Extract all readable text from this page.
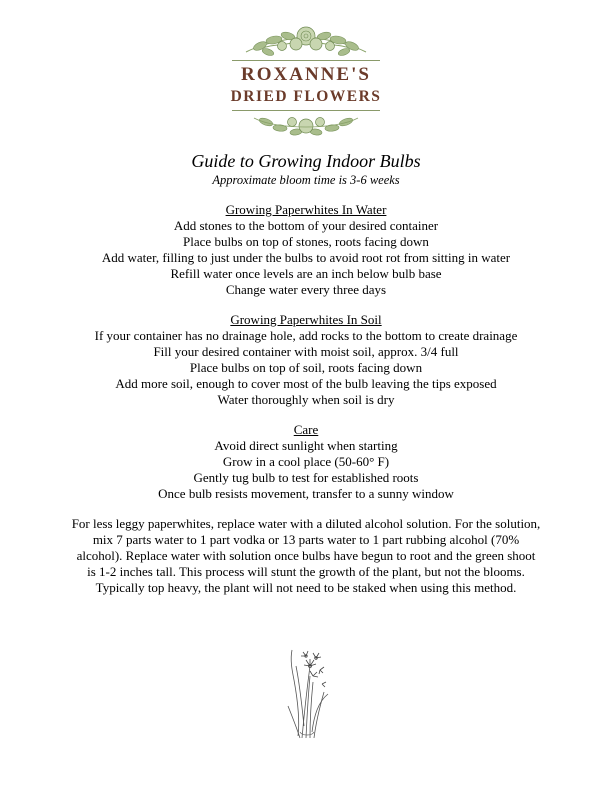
ROXANNE'S
DRIED FLOWERS
Guide to Growing Indoor Bulbs
Approximate bloom time is 3-6 weeks
Growing Paperwhites In Water
Add stones to the bottom of your desired container
Place bulbs on top of stones, roots facing down
Add water, filling to just under the bulbs to avoid root rot from sitting in water
Refill water once levels are an inch below bulb base
Change water every three days
Growing Paperwhites In Soil
If your container has no drainage hole, add rocks to the bottom to create drainage
Fill your desired container with moist soil, approx. 3/4 full
Place bulbs on top of soil, roots facing down
Add more soil, enough to cover most of the bulb leaving the tips exposed
Water thoroughly when soil is dry
Care
Avoid direct sunlight when starting
Grow in a cool place (50-60° F)
Gently tug bulb to test for established roots
Once bulb resists movement, transfer to a sunny window
For less leggy paperwhites, replace water with a diluted alcohol solution. For the solution, mix 7 parts water to 1 part vodka or 13 parts water to 1 part rubbing alcohol (70% alcohol). Replace water with solution once bulbs have begun to root and the green shoot is 1-2 inches tall. This process will stunt the growth of the plant, but not the blooms. Typically top heavy, the plant will not need to be staked when using this method.
